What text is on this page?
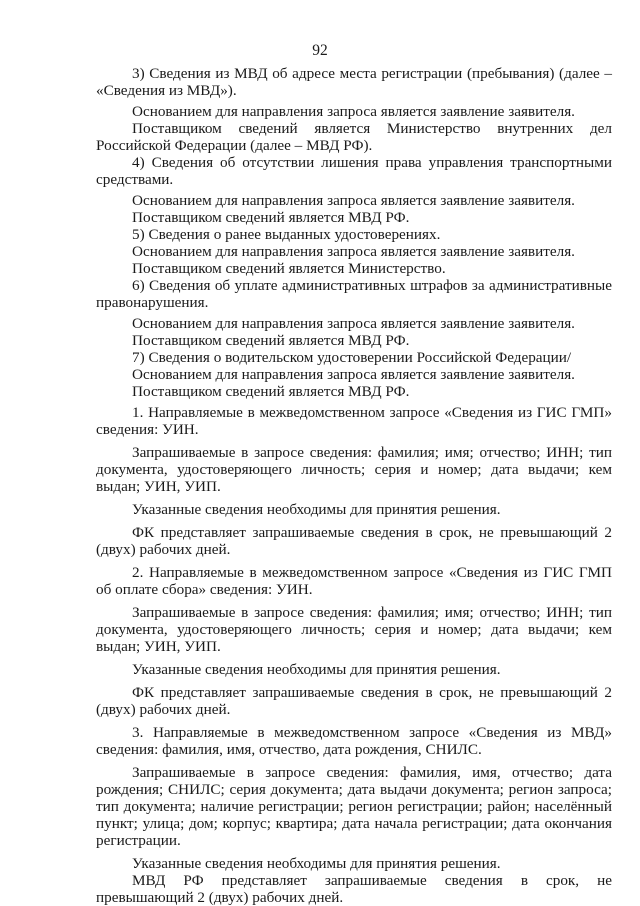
92

3) Сведения из МВД об адресе места регистрации (пребывания) (далее – «Сведения из МВД»).

Основанием для направления запроса является заявление заявителя.

Поставщиком сведений является Министерство внутренних дел Российской Федерации (далее – МВД РФ).

4) Сведения об отсутствии лишения права управления транспортными средствами.

Основанием для направления запроса является заявление заявителя.

Поставщиком сведений является МВД РФ.

5) Сведения о ранее выданных удостоверениях.

Основанием для направления запроса является заявление заявителя.

Поставщиком сведений является Министерство.

6) Сведения об уплате административных штрафов за административные правонарушения.

Основанием для направления запроса является заявление заявителя.

Поставщиком сведений является МВД РФ.

7) Сведения о водительском удостоверении Российской Федерации/

Основанием для направления запроса является заявление заявителя.

Поставщиком сведений является МВД РФ.

1. Направляемые в межведомственном запросе «Сведения из ГИС ГМП» сведения: УИН.

Запрашиваемые в запросе сведения: фамилия; имя; отчество; ИНН; тип документа, удостоверяющего личность; серия и номер; дата выдачи; кем выдан; УИН, УИП.

Указанные сведения необходимы для принятия решения.

ФК представляет запрашиваемые сведения в срок, не превышающий 2 (двух) рабочих дней.

2. Направляемые в межведомственном запросе «Сведения из ГИС ГМП об оплате сбора» сведения: УИН.

Запрашиваемые в запросе сведения: фамилия; имя; отчество; ИНН; тип документа, удостоверяющего личность; серия и номер; дата выдачи; кем выдан; УИН, УИП.

Указанные сведения необходимы для принятия решения.

ФК представляет запрашиваемые сведения в срок, не превышающий 2 (двух) рабочих дней.

3. Направляемые в межведомственном запросе «Сведения из МВД» сведения: фамилия, имя, отчество, дата рождения, СНИЛС.

Запрашиваемые в запросе сведения: фамилия, имя, отчество; дата рождения; СНИЛС; серия документа; дата выдачи документа; регион запроса; тип документа; наличие регистрации; регион регистрации; район; населённый пункт; улица; дом; корпус; квартира; дата начала регистрации; дата окончания регистрации.

Указанные сведения необходимы для принятия решения.

МВД РФ представляет запрашиваемые сведения в срок, не превышающий 2 (двух) рабочих дней.
